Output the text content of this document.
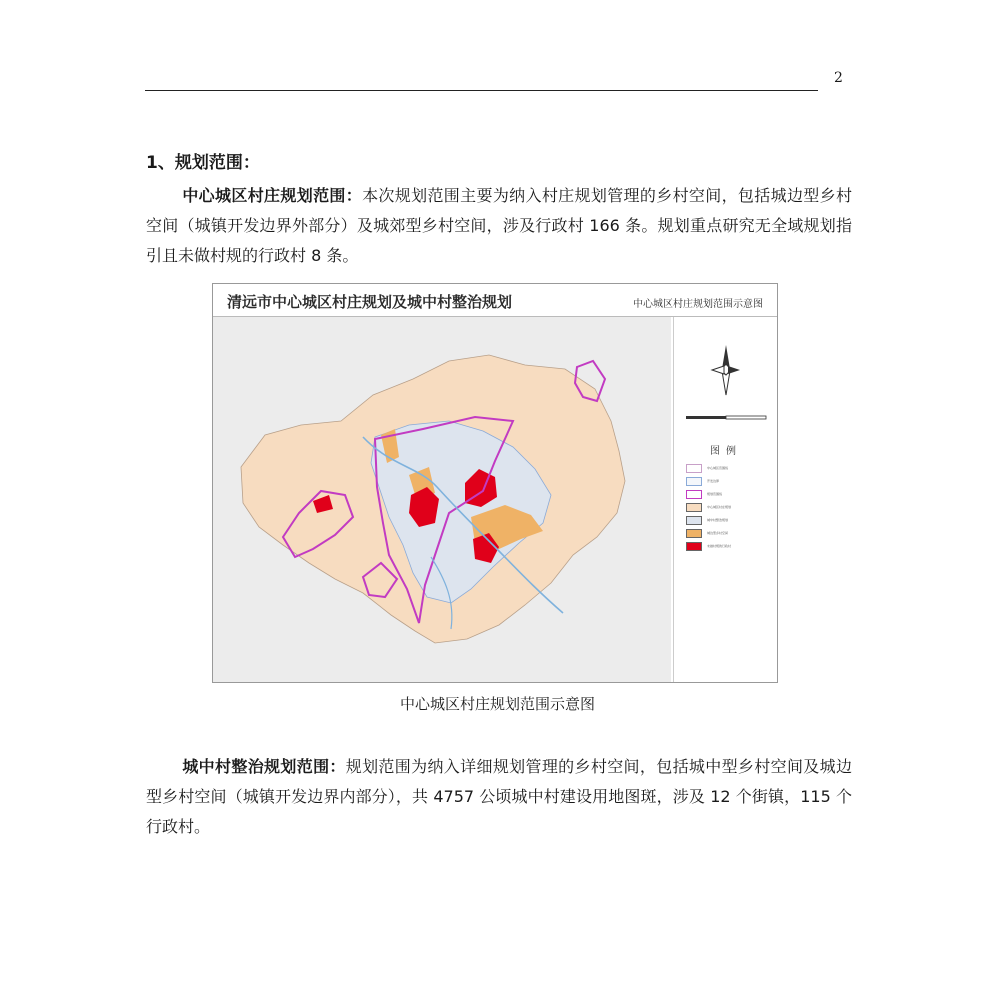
2
1、规划范围：

中心城区村庄规划范围：本次规划范围主要为纳入村庄规划管理的乡村空间，包括城边型乡村空间（城镇开发边界外部分）及城郊型乡村空间，涉及行政村 166 条。规划重点研究无全域规划指引且未做村规的行政村 8 条。

清远市中心城区村庄规划及城中村整治规划	中心城区村庄规划范围示意图
图例
中心城区范围线
开发边界
规划范围线
中心城区村庄规划
城中村整治规划
城边型乡村空间
未做村规的行政村
中心城区村庄规划范围示意图

城中村整治规划范围：规划范围为纳入详细规划管理的乡村空间，包括城中型乡村空间及城边型乡村空间（城镇开发边界内部分），共 4757 公顷城中村建设用地图斑，涉及 12 个街镇，115 个行政村。
